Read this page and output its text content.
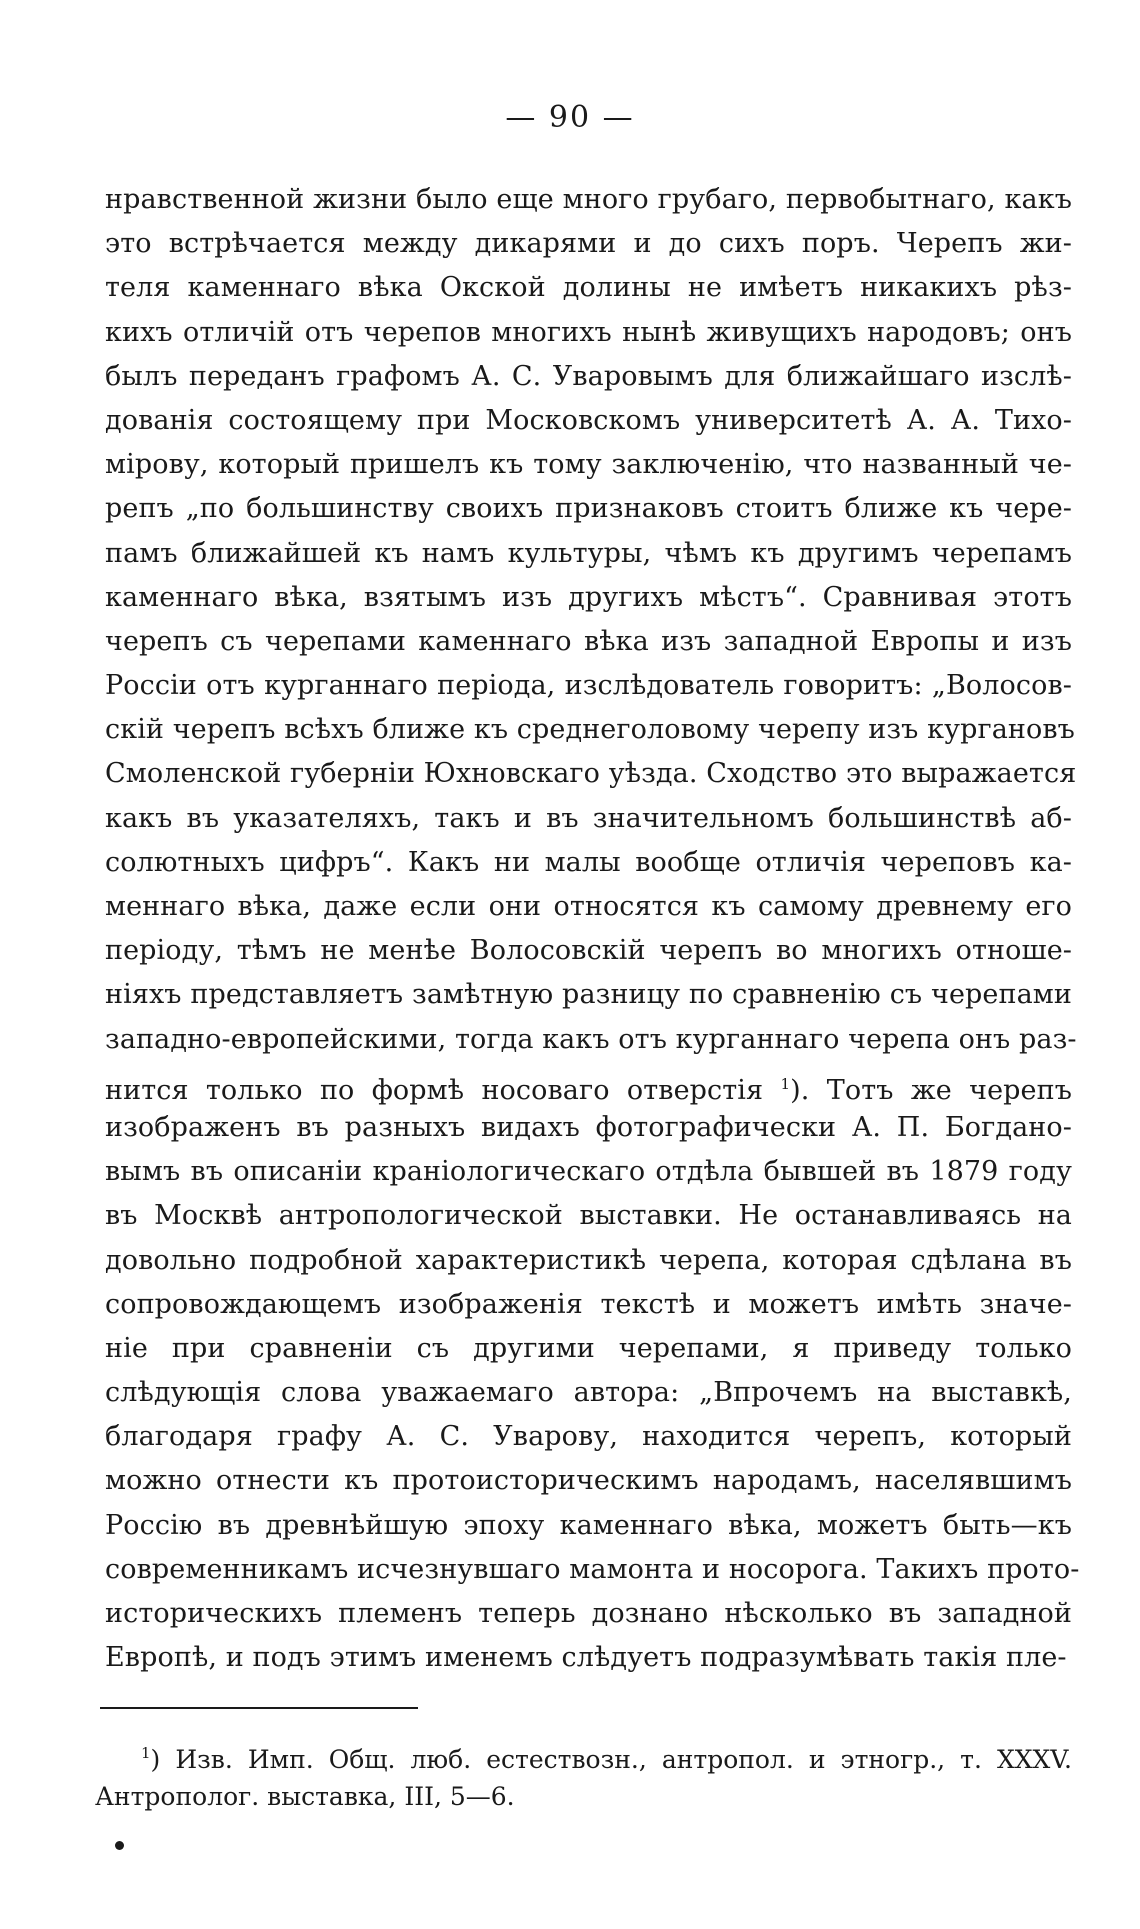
— 90 —
нравственной жизни было еще много грубаго, первобытнаго, какъ
это встрѣчается между дикарями и до сихъ поръ. Черепъ жи-
теля каменнаго вѣка Окской долины не имѣетъ никакихъ рѣз-
кихъ отличій отъ черепов многихъ нынѣ живущихъ народовъ; онъ
былъ переданъ графомъ А. С. Уваровымъ для ближайшаго изслѣ-
дованія состоящему при Московскомъ университетѣ А. А. Тихо-
мірову, который пришелъ къ тому заключенію, что названный че-
репъ „по большинству своихъ признаковъ стоитъ ближе къ чере-
памъ ближайшей къ намъ культуры, чѣмъ къ другимъ черепамъ
каменнаго вѣка, взятымъ изъ другихъ мѣстъ“. Сравнивая этотъ
черепъ съ черепами каменнаго вѣка изъ западной Европы и изъ
Россіи отъ курганнаго періода, изслѣдователь говоритъ: „Волосов-
скій черепъ всѣхъ ближе къ среднеголовому черепу изъ кургановъ
Смоленской губерніи Юхновскаго уѣзда. Сходство это выражается
какъ въ указателяхъ, такъ и въ значительномъ большинствѣ аб-
солютныхъ цифръ“. Какъ ни малы вообще отличія череповъ ка-
меннаго вѣка, даже если они относятся къ самому древнему его
періоду, тѣмъ не менѣе Волосовскій черепъ во многихъ отноше-
ніяхъ представляетъ замѣтную разницу по сравненію съ черепами
западно-европейскими, тогда какъ отъ курганнаго черепа онъ раз-
нится только по формѣ носоваго отверстія $^1$). Тотъ же черепъ
изображенъ въ разныхъ видахъ фотографически А. П. Богдано-
вымъ въ описаніи краніологическаго отдѣла бывшей въ 1879 году
въ Москвѣ антропологической выставки. Не останавливаясь на
довольно подробной характеристикѣ черепа, которая сдѣлана въ
сопровождающемъ изображенія текстѣ и можетъ имѣть значе-
ніе при сравненіи съ другими черепами, я приведу только
слѣдующія слова уважаемаго автора: „Впрочемъ на выставкѣ,
благодаря графу А. С. Уварову, находится черепъ, который
можно отнести къ протоисторическимъ народамъ, населявшимъ
Россію въ древнѣйшую эпоху каменнаго вѣка, можетъ быть—къ
современникамъ исчезнувшаго мамонта и носорога. Такихъ прото-
историческихъ племенъ теперь дознано нѣсколько въ западной
Европѣ, и подъ этимъ именемъ слѣдуетъ подразумѣвать такія пле-
$^1$) Изв. Имп. Общ. люб. естествозн., антропол. и этногр., т. XXXV.
Антрополог. выставка, III, 5—6.
